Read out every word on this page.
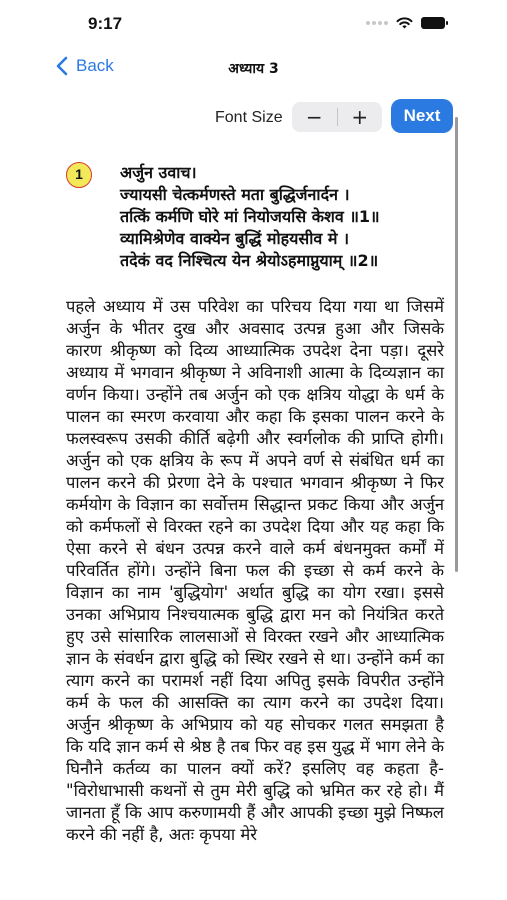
9:17
Back	अध्याय 3
Font Size	−	+	Next
1	अर्जुन उवाच।
ज्यायसी चेत्कर्मणस्ते मता बुद्धिर्जनार्दन ।
तत्किं कर्मणि घोरे मां नियोजयसि केशव ॥1॥
व्यामिश्रेणेव वाक्येन बुद्धिं मोहयसीव मे ।
तदेकं वद निश्चित्य येन श्रेयोऽहमाप्नुयाम् ॥2॥
पहले अध्याय में उस परिवेश का परिचय दिया गया था जिसमें अर्जुन के भीतर दुख और अवसाद उत्पन्न हुआ और जिसके कारण श्रीकृष्ण को दिव्य आध्यात्मिक उपदेश देना पड़ा। दूसरे अध्याय में भगवान श्रीकृष्ण ने अविनाशी आत्मा के दिव्यज्ञान का वर्णन किया। उन्होंने तब अर्जुन को एक क्षत्रिय योद्धा के धर्म के पालन का स्मरण करवाया और कहा कि इसका पालन करने के फलस्वरूप उसकी कीर्ति बढ़ेगी और स्वर्गलोक की प्राप्ति होगी। अर्जुन को एक क्षत्रिय के रूप में अपने वर्ण से संबंधित धर्म का पालन करने की प्रेरणा देने के पश्चात भगवान श्रीकृष्ण ने फिर कर्मयोग के विज्ञान का सर्वोत्तम सिद्धान्त प्रकट किया और अर्जुन को कर्मफलों से विरक्त रहने का उपदेश दिया और यह कहा कि ऐसा करने से बंधन उत्पन्न करने वाले कर्म बंधनमुक्त कर्मों में परिवर्तित होंगे। उन्होंने बिना फल की इच्छा से कर्म करने के विज्ञान का नाम 'बुद्धियोग' अर्थात बुद्धि का योग रखा। इससे उनका अभिप्राय निश्चयात्मक बुद्धि द्वारा मन को नियंत्रित करते हुए उसे सांसारिक लालसाओं से विरक्त रखने और आध्यात्मिक ज्ञान के संवर्धन द्वारा बुद्धि को स्थिर रखने से था। उन्होंने कर्म का त्याग करने का परामर्श नहीं दिया अपितु इसके विपरीत उन्होंने कर्म के फल की आसक्ति का त्याग करने का उपदेश दिया। अर्जुन श्रीकृष्ण के अभिप्राय को यह सोचकर गलत समझता है कि यदि ज्ञान कर्म से श्रेष्ठ है तब फिर वह इस युद्ध में भाग लेने के घिनौने कर्तव्य का पालन क्यों करें? इसलिए वह कहता है-"विरोधाभासी कथनों से तुम मेरी बुद्धि को भ्रमित कर रहे हो। मैं जानता हूँ कि आप करुणामयी हैं और आपकी इच्छा मुझे निष्फल करने की नहीं है, अतः कृपया मेरे
